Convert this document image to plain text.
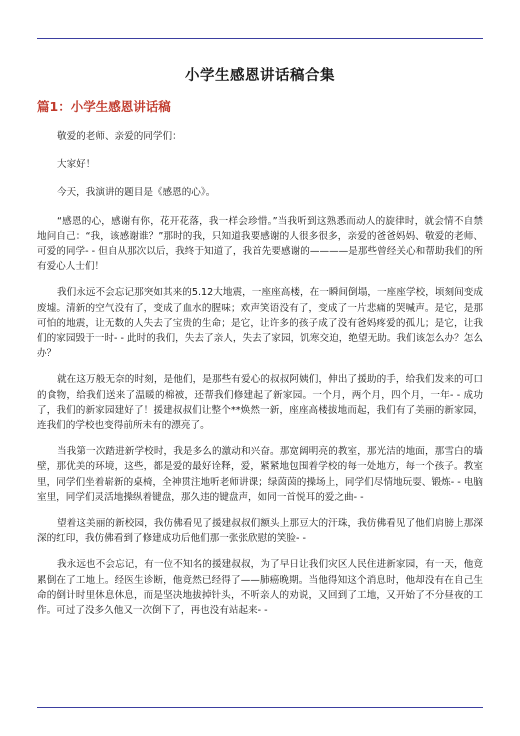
小学生感恩讲话稿合集
篇1：小学生感恩讲话稿

敬爱的老师、亲爱的同学们：

大家好！

今天，我演讲的题目是《感恩的心》。

“感恩的心，感谢有你，花开花落，我一样会珍惜。”当我听到这熟悉而动人的旋律时，就会情不自禁地问自己：“我，该感谢谁？”那时的我，只知道我要感谢的人很多很多，亲爱的爸爸妈妈、敬爱的老师、可爱的同学- - 但自从那次以后，我终于知道了，我首先要感谢的————是那些曾经关心和帮助我们的所有爱心人士们！

我们永远不会忘记那突如其来的5.12大地震，一座座高楼，在一瞬间倒塌，一座座学校，顷刻间变成废墟。清新的空气没有了，变成了血水的腥味；欢声笑语没有了，变成了一片悲痛的哭喊声。是它，是那可怕的地震，让无数的人失去了宝贵的生命；是它，让许多的孩子成了没有爸妈疼爱的孤儿；是它，让我们的家园毁于一时- - 此时的我们，失去了亲人，失去了家园，饥寒交迫，绝望无助。我们该怎么办？怎么办？

就在这万般无奈的时刻，是他们，是那些有爱心的叔叔阿姨们，伸出了援助的手，给我们发来的可口的食物，给我们送来了温暖的棉被，还帮我们修建起了新家园。一个月，两个月，四个月，一年- - 成功了，我们的新家园建好了！援建叔叔们让整个**焕然一新，座座高楼拔地而起，我们有了美丽的新家园，连我们的学校也变得前所未有的漂亮了。

当我第一次踏进新学校时，我是多么的激动和兴奋。那宽阔明亮的教室，那光洁的地面，那雪白的墙壁，那优美的环境，这些，都是爱的最好诠释，爱，紧紧地包围着学校的每一处地方，每一个孩子。教室里，同学们坐着崭新的桌椅，全神贯注地听老师讲课；绿茵茵的操场上，同学们尽情地玩耍、锻炼- - 电脑室里，同学们灵活地操纵着键盘，那久违的键盘声，如同一首悦耳的爱之曲- -

望着这美丽的新校园，我仿佛看见了援建叔叔们额头上那豆大的汗珠，我仿佛看见了他们肩膀上那深深的红印，我仿佛看到了修建成功后他们那一张张欣慰的笑脸- -

我永远也不会忘记，有一位不知名的援建叔叔，为了早日让我们灾区人民住进新家园，有一天，他竟累倒在了工地上。经医生诊断，他竟然已经得了——肺癌晚期。当他得知这个消息时，他却没有在自己生命的倒计时里休息休息，而是坚决地拔掉针头，不听亲人的劝说，又回到了工地，又开始了不分昼夜的工作。可过了没多久他又一次倒下了，再也没有站起来- -
